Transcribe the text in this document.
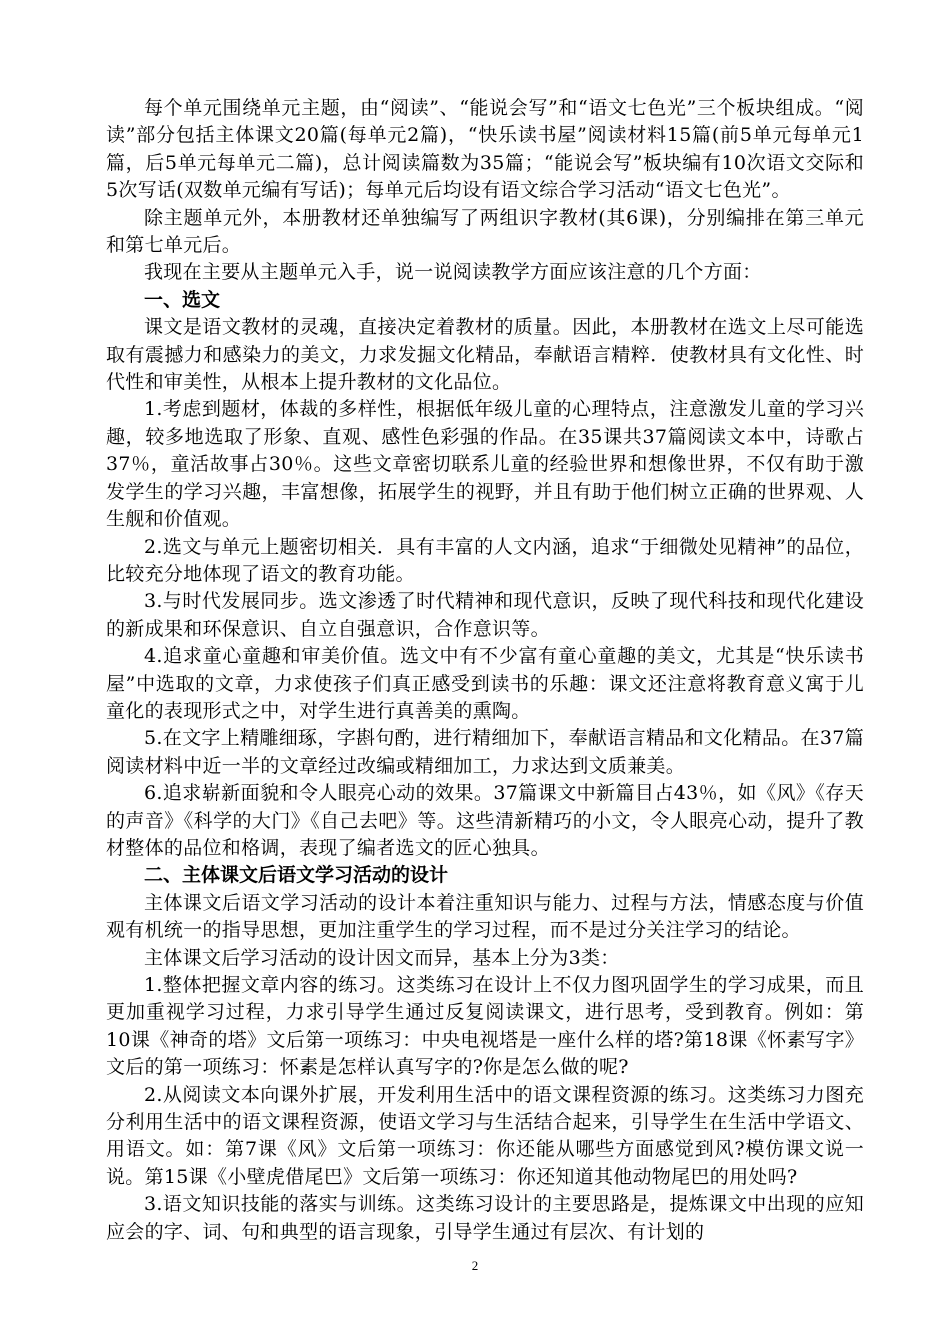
每个单元围绕单元主题，由“阅读”、“能说会写”和“语文七色光”三个板块组成。“阅读”部分包括主体课文20篇(每单元2篇)，“快乐读书屋”阅读材料15篇(前5单元每单元1篇，后5单元每单元二篇)，总计阅读篇数为35篇；“能说会写”板块编有10次语文交际和5次写话(双数单元编有写话)；每单元后均设有语文综合学习活动“语文七色光”。

除主题单元外，本册教材还单独编写了两组识字教材(其6课)，分别编排在第三单元和第七单元后。

我现在主要从主题单元入手，说一说阅读教学方面应该注意的几个方面：

一、选文

课文是语文教材的灵魂，直接决定着教材的质量。因此，本册教材在选文上尽可能选取有震撼力和感染力的美文，力求发掘文化精品，奉献语言精粹．使教材具有文化性、时代性和审美性，从根本上提升教材的文化品位。

1.考虑到题材，体裁的多样性，根据低年级儿童的心理特点，注意激发儿童的学习兴趣，较多地选取了形象、直观、感性色彩强的作品。在35课共37篇阅读文本中，诗歌占37％，童活故事占30％。这些文章密切联系儿童的经验世界和想像世界，不仅有助于激发学生的学习兴趣，丰富想像，拓展学生的视野，并且有助于他们树立正确的世界观、人生舰和价值观。

2.选文与单元上题密切相关．具有丰富的人文内涵，追求“于细微处见精神”的品位，比较充分地体现了语文的教育功能。

3.与时代发展同步。选文渗透了时代精神和现代意识，反映了现代科技和现代化建设的新成果和环保意识、自立自强意识，合作意识等。

4.追求童心童趣和审美价值。选文中有不少富有童心童趣的美文，尤其是“快乐读书屋”中选取的文章，力求使孩子们真正感受到读书的乐趣：课文还注意将教育意义寓于儿童化的表现形式之中，对学生进行真善美的熏陶。

5.在文字上精雕细琢，字斟句酌，进行精细加下，奉献语言精品和文化精品。在37篇阅读材料中近一半的文章经过改编或精细加工，力求达到文质兼美。

6.追求崭新面貌和令人眼亮心动的效果。37篇课文中新篇目占43％，如《风》《存天的声音》《科学的大门》《自己去吧》等。这些清新精巧的小文，令人眼亮心动，提升了教材整体的品位和格调，表现了编者选文的匠心独具。

二、主体课文后语文学习活动的设计

主体课文后语文学习活动的设计本着注重知识与能力、过程与方法，情感态度与价值观有机统一的指导思想，更加注重学生的学习过程，而不是过分关注学习的结论。

主体课文后学习活动的设计因文而异，基本上分为3类：

1.整体把握文章内容的练习。这类练习在设计上不仅力图巩固学生的学习成果，而且更加重视学习过程，力求引导学生通过反复阅读课文，进行思考，受到教育。例如：第10课《神奇的塔》文后第一项练习：中央电视塔是一座什么样的塔?第18课《怀素写字》文后的第一项练习：怀素是怎样认真写字的?你是怎么做的呢?

2.从阅读文本向课外扩展，开发利用生活中的语文课程资源的练习。这类练习力图充分利用生活中的语文课程资源，使语文学习与生活结合起来，引导学生在生活中学语文、用语文。如：第7课《风》文后第一项练习：你还能从哪些方面感觉到风?模仿课文说一说。第15课《小壁虎借尾巴》文后第一项练习：你还知道其他动物尾巴的用处吗?

3.语文知识技能的落实与训练。这类练习设计的主要思路是，提炼课文中出现的应知应会的字、词、句和典型的语言现象，引导学生通过有层次、有计划的

2
